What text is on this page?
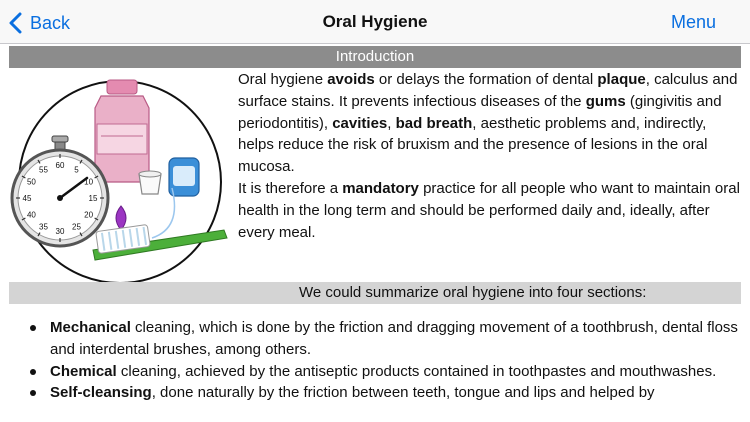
Back	Oral Hygiene	Menu
Introduction
60 5
10
15
20
25
30
35
40
45
50
55
Oral hygiene avoids or delays the formation of dental plaque, calculus and surface stains. It prevents infectious diseases of the gums (gingivitis and periodontitis), cavities, bad breath, aesthetic problems and, indirectly, helps reduce the risk of bruxism and the presence of lesions in the oral mucosa.
It is therefore a mandatory practice for all people who want to maintain oral health in the long term and should be performed daily and, ideally, after every meal.
We could summarize oral hygiene into four sections:
Mechanical cleaning, which is done by the friction and dragging movement of a toothbrush, dental floss and interdental brushes, among others.
Chemical cleaning, achieved by the antiseptic products contained in toothpastes and mouthwashes.
Self-cleansing, done naturally by the friction between teeth, tongue and lips and helped by
